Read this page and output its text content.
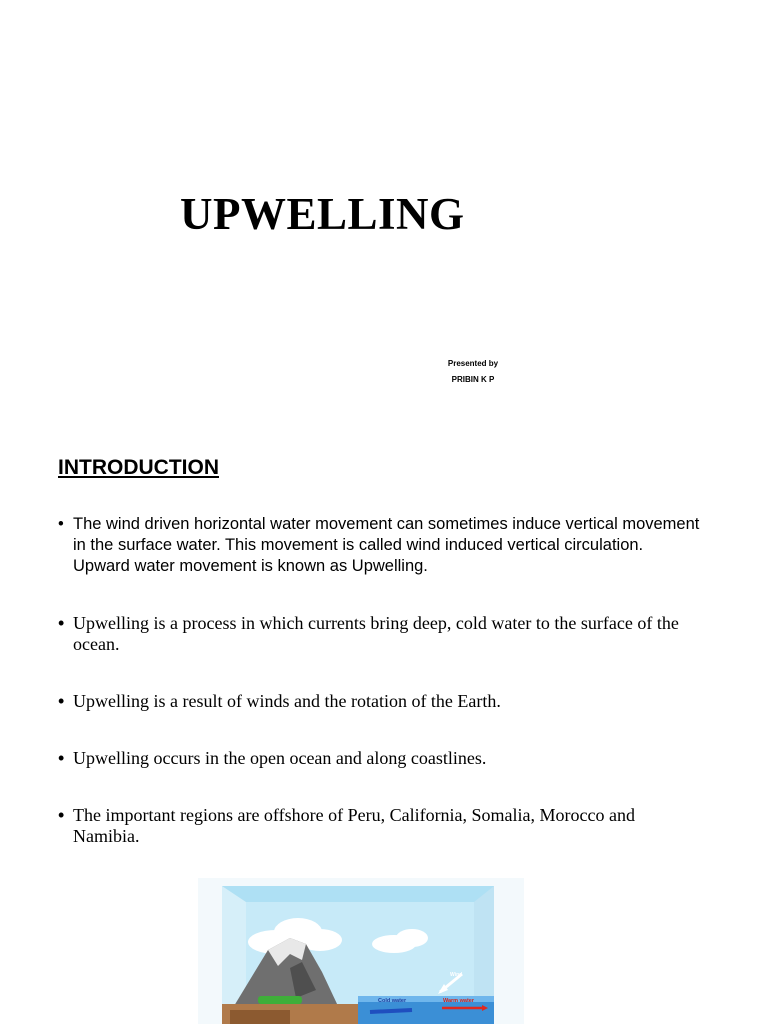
UPWELLING
Presented by
PRIBIN K P
INTRODUCTION
• The wind driven horizontal water movement can sometimes induce vertical movement in the surface water. This movement is called wind induced vertical circulation. Upward water movement is known as Upwelling.
• Upwelling is a process in which currents bring deep, cold water to the surface of the ocean.
• Upwelling is a result of winds and the rotation of the Earth.
• Upwelling occurs in the open ocean and along coastlines.
• The important regions are offshore of Peru, California, Somalia, Morocco and Namibia.
Wind
Cold water	Warm water
